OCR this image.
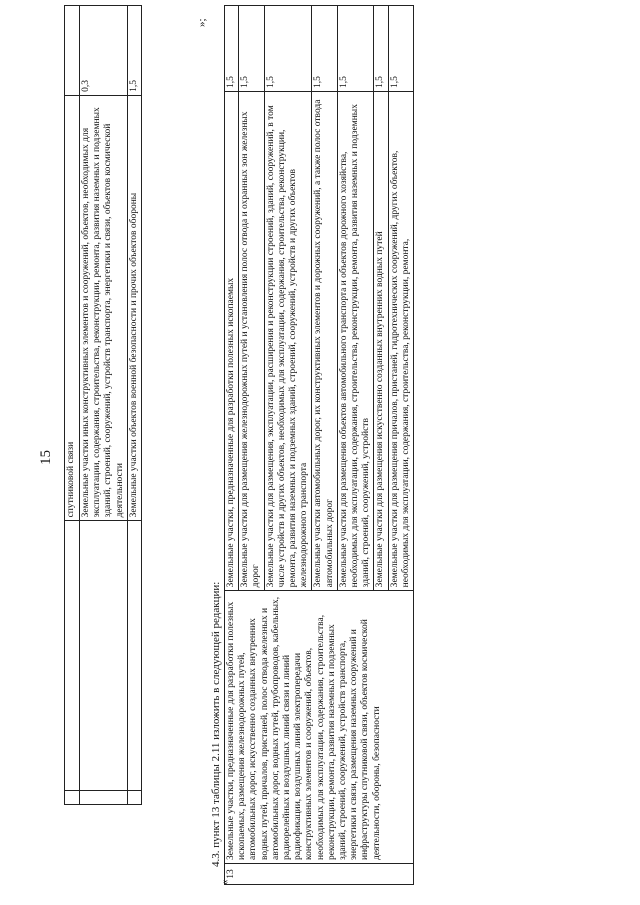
15
		спутниковой связи	
		Земельные участки иных конструктивных элементов и сооружений, объектов, необходимых для эксплуатации, содержания, строительства, реконструкции, ремонта, развития наземных и подземных зданий, строений, сооружений, устройств транспорта, энергетики и связи, объектов космической деятельности	0,3
		Земельные участки объектов военной безопасности и прочих объектов обороны	1,5
»;
4.3. пункт 13 таблицы 2.11 изложить в следующей редакции:
«
13	Земельные участки, предназначенные для разработки полезных ископаемых, размещения железнодорожных путей, автомобильных дорог, искусственно созданных внутренних водных путей, причалов, пристаней, полос отвода железных и автомобильных дорог, водных путей, трубопроводов, кабельных, радиорелейных и воздушных линий связи и линий радиофикации, воздушных линий электропередачи конструктивных элементов и сооружений, объектов, необходимых для эксплуатации, содержания, строительства, реконструкции, ремонта, развития наземных и подземных зданий, строений, сооружений, устройств транспорта, энергетики и связи, размещения наземных сооружений и инфраструктуры спутниковой связи, объектов космической деятельности, обороны, безопасности	Земельные участки, предназначенные для разработки полезных ископаемых	1,5
		Земельные участки для размещения железнодорожных путей и установления полос отвода и охранных зон железных дорог	1,5
		Земельные участки для размещения, эксплуатации, расширения и реконструкции строений, зданий, сооружений, в том числе устройств и других объектов, необходимых для эксплуатации, содержания, строительства, реконструкции, ремонта, развития наземных и подземных зданий, строений, сооружений, устройств и других объектов железнодорожного транспорта	1,5
		Земельные участки автомобильных дорог, их конструктивных элементов и дорожных сооружений, а также полос отвода автомобильных дорог	1,5
		Земельные участки для размещения объектов автомобильного транспорта и объектов дорожного хозяйства, необходимых для эксплуатации, содержания, строительства, реконструкции, ремонта, развития наземных и подземных зданий, строений, сооружений, устройств	1,5
		Земельные участки для размещения искусственно созданных внутренних водных путей	1,5
		Земельные участки для размещения причалов, пристаней, гидротехнических сооружений, других объектов, необходимых для эксплуатации, содержания, строительства, реконструкции, ремонта,	1,5
